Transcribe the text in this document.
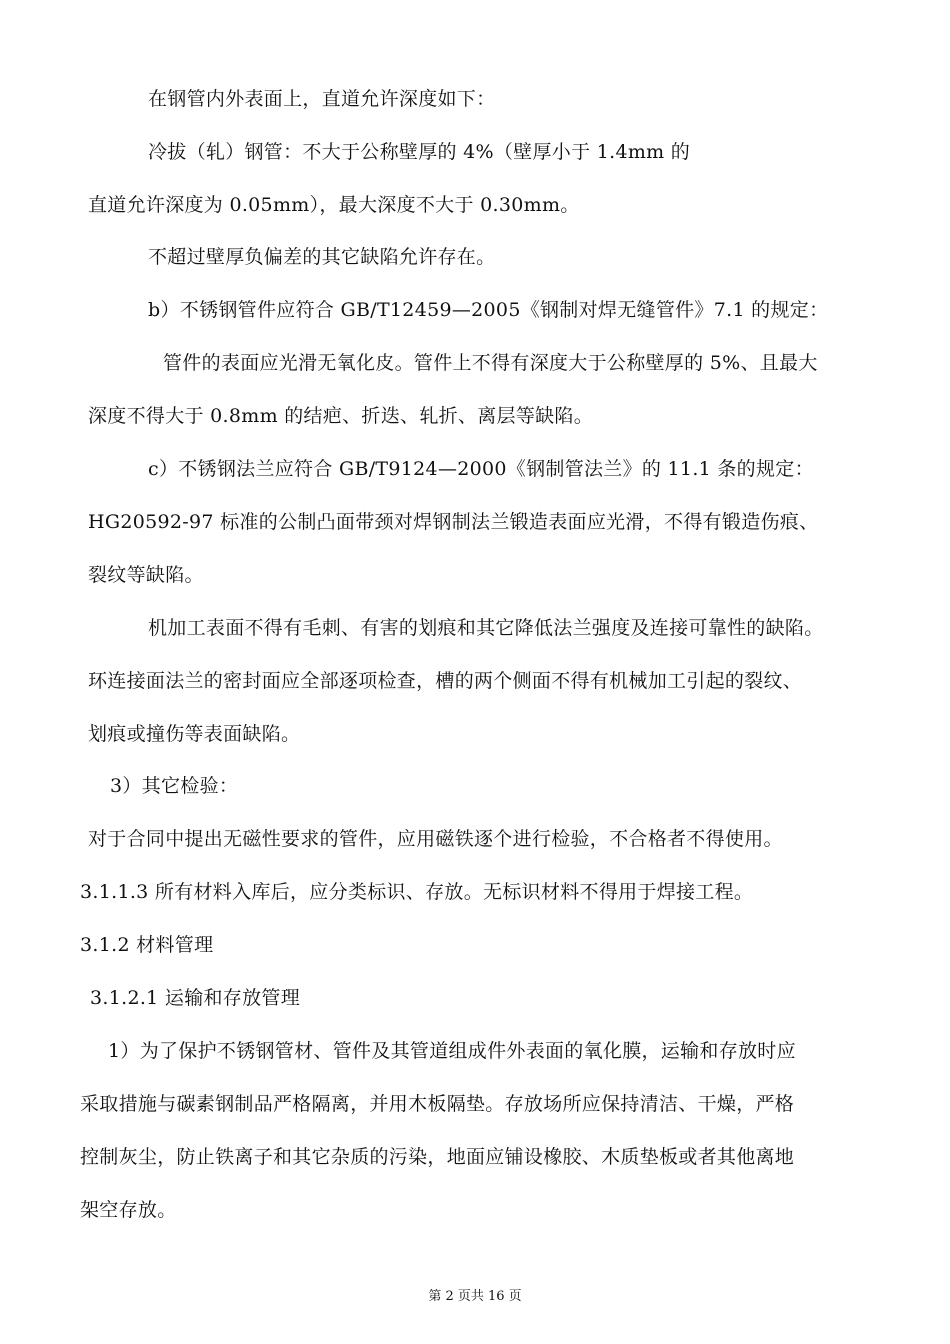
在钢管内外表面上，直道允许深度如下：
冷拔（轧）钢管：不大于公称壁厚的 4%（壁厚小于 1.4mm 的
直道允许深度为 0.05mm），最大深度不大于 0.30mm。
不超过壁厚负偏差的其它缺陷允许存在。
b）不锈钢管件应符合 GB/T12459—2005《钢制对焊无缝管件》7.1 的规定：
管件的表面应光滑无氧化皮。管件上不得有深度大于公称壁厚的 5%、且最大
深度不得大于 0.8mm 的结疤、折迭、轧折、离层等缺陷。
c）不锈钢法兰应符合 GB/T9124—2000《钢制管法兰》的 11.1 条的规定：
HG20592-97 标准的公制凸面带颈对焊钢制法兰锻造表面应光滑，不得有锻造伤痕、
裂纹等缺陷。
机加工表面不得有毛刺、有害的划痕和其它降低法兰强度及连接可靠性的缺陷。
环连接面法兰的密封面应全部逐项检查，槽的两个侧面不得有机械加工引起的裂纹、
划痕或撞伤等表面缺陷。
3）其它检验：
对于合同中提出无磁性要求的管件，应用磁铁逐个进行检验，不合格者不得使用。
3.1.1.3 所有材料入库后，应分类标识、存放。无标识材料不得用于焊接工程。
3.1.2 材料管理
3.1.2.1 运输和存放管理
1）为了保护不锈钢管材、管件及其管道组成件外表面的氧化膜，运输和存放时应
采取措施与碳素钢制品严格隔离，并用木板隔垫。存放场所应保持清洁、干燥，严格
控制灰尘，防止铁离子和其它杂质的污染，地面应铺设橡胶、木质垫板或者其他离地
架空存放。
第 2 页共 16 页
